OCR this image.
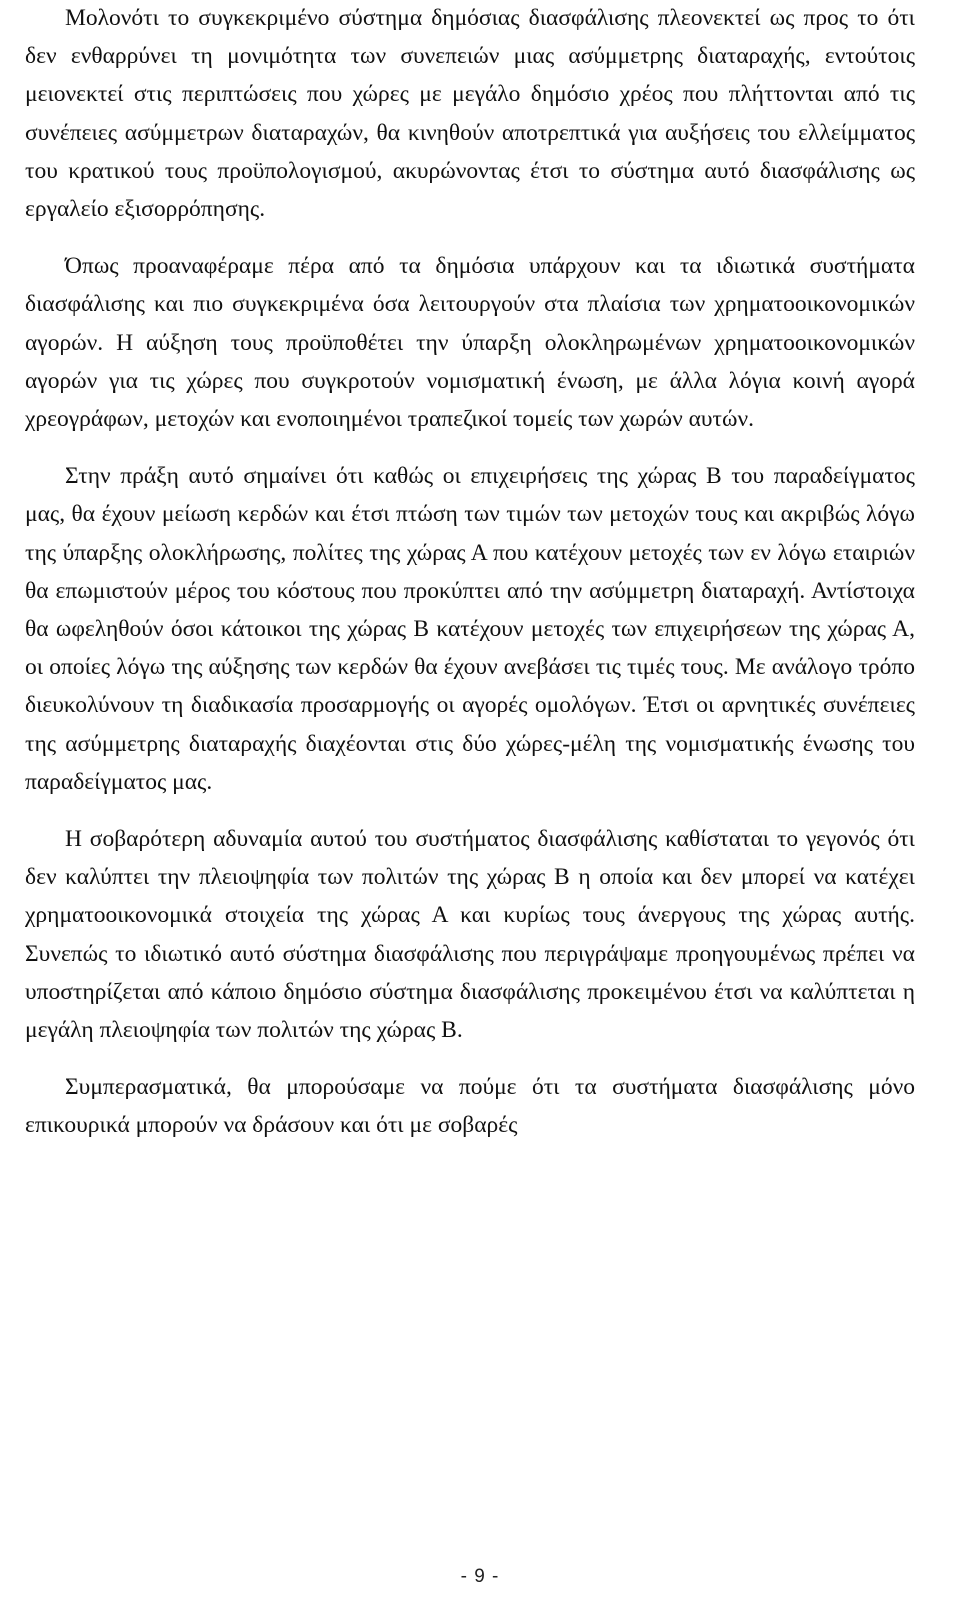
Μολονότι το συγκεκριμένο σύστημα δημόσιας διασφάλισης πλεονεκτεί ως προς το ότι δεν ενθαρρύνει τη μονιμότητα των συνεπειών μιας ασύμμετρης διαταραχής, εντούτοις μειονεκτεί στις περιπτώσεις που χώρες με μεγάλο δημόσιο χρέος που πλήττονται από τις συνέπειες ασύμμετρων διαταραχών, θα κινηθούν αποτρεπτικά για αυξήσεις του ελλείμματος του κρατικού τους προϋπολογισμού, ακυρώνοντας έτσι το σύστημα αυτό διασφάλισης ως εργαλείο εξισορρόπησης.

Όπως προαναφέραμε πέρα από τα δημόσια υπάρχουν και τα ιδιωτικά συστήματα διασφάλισης και πιο συγκεκριμένα όσα λειτουργούν στα πλαίσια των χρηματοοικονομικών αγορών. Η αύξηση τους προϋποθέτει την ύπαρξη ολοκληρωμένων χρηματοοικονομικών αγορών για τις χώρες που συγκροτούν νομισματική ένωση, με άλλα λόγια κοινή αγορά χρεογράφων, μετοχών και ενοποιημένοι τραπεζικοί τομείς των χωρών αυτών.

Στην πράξη αυτό σημαίνει ότι καθώς οι επιχειρήσεις της χώρας Β του παραδείγματος μας, θα έχουν μείωση κερδών και έτσι πτώση των τιμών των μετοχών τους και ακριβώς λόγω της ύπαρξης ολοκλήρωσης, πολίτες της χώρας Α που κατέχουν μετοχές των εν λόγω εταιριών θα επωμιστούν μέρος του κόστους που προκύπτει από την ασύμμετρη διαταραχή. Αντίστοιχα θα ωφεληθούν όσοι κάτοικοι της χώρας Β κατέχουν μετοχές των επιχειρήσεων της χώρας Α, οι οποίες λόγω της αύξησης των κερδών θα έχουν ανεβάσει τις τιμές τους. Με ανάλογο τρόπο διευκολύνουν τη διαδικασία προσαρμογής οι αγορές ομολόγων. Έτσι οι αρνητικές συνέπειες της ασύμμετρης διαταραχής διαχέονται στις δύο χώρες-μέλη της νομισματικής ένωσης του παραδείγματος μας.

Η σοβαρότερη αδυναμία αυτού του συστήματος διασφάλισης καθίσταται το γεγονός ότι δεν καλύπτει την πλειοψηφία των πολιτών της χώρας Β η οποία και δεν μπορεί να κατέχει χρηματοοικονομικά στοιχεία της χώρας Α και κυρίως τους άνεργους της χώρας αυτής. Συνεπώς το ιδιωτικό αυτό σύστημα διασφάλισης που περιγράψαμε προηγουμένως πρέπει να υποστηρίζεται από κάποιο δημόσιο σύστημα διασφάλισης προκειμένου έτσι να καλύπτεται η μεγάλη πλειοψηφία των πολιτών της χώρας Β.

Συμπερασματικά, θα μπορούσαμε να πούμε ότι τα συστήματα διασφάλισης μόνο επικουρικά μπορούν να δράσουν και ότι με σοβαρές

- 9 -
